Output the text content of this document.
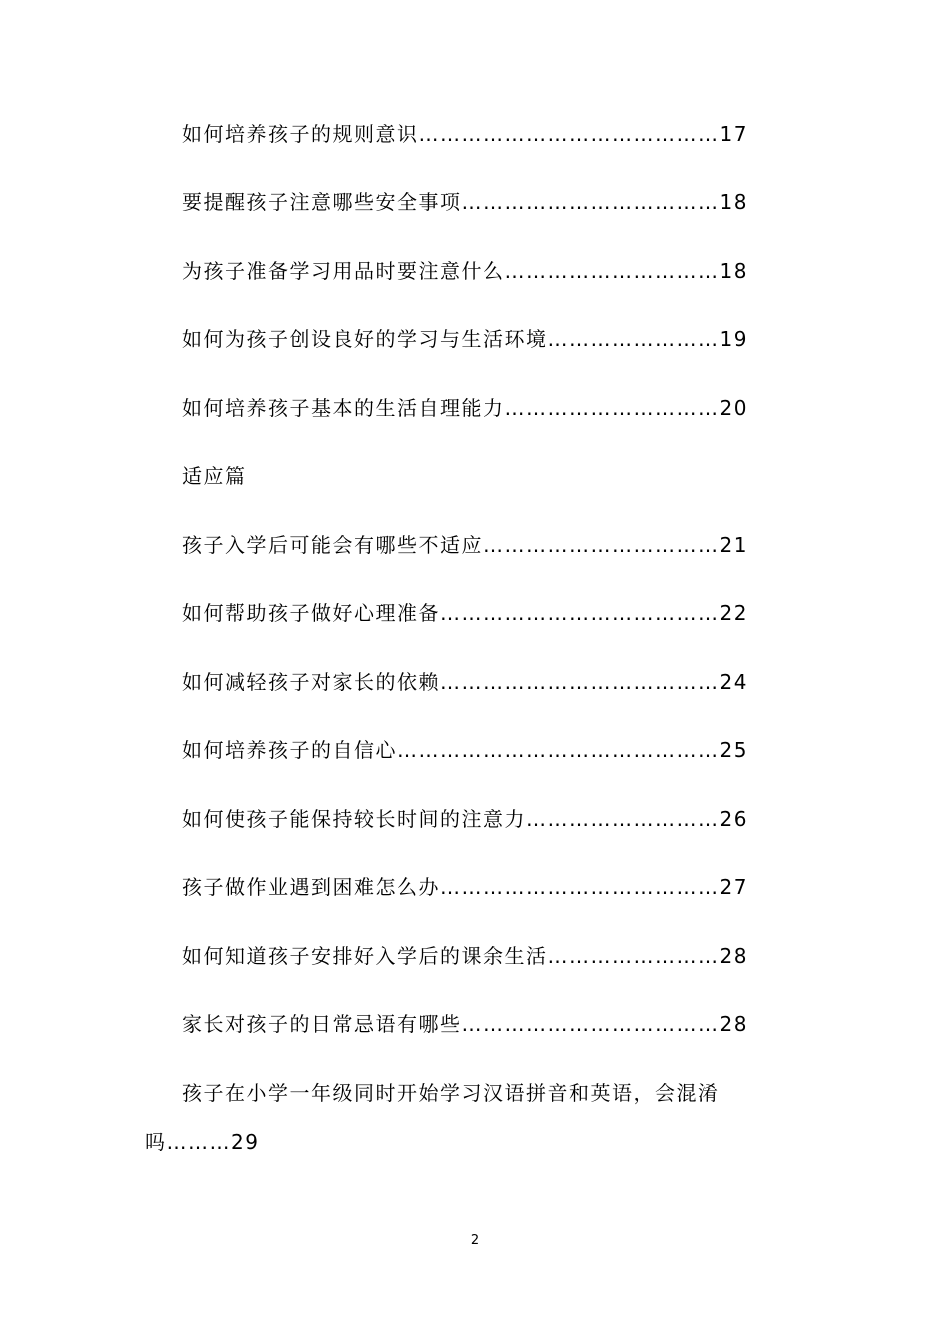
如何培养孩子的规则意识……………………………………17
要提醒孩子注意哪些安全事项………………………………18
为孩子准备学习用品时要注意什么…………………………18
如何为孩子创设良好的学习与生活环境……………………19
如何培养孩子基本的生活自理能力…………………………20
适应篇
孩子入学后可能会有哪些不适应……………………………21
如何帮助孩子做好心理准备…………………………………22
如何减轻孩子对家长的依赖…………………………………24
如何培养孩子的自信心………………………………………25
如何使孩子能保持较长时间的注意力………………………26
孩子做作业遇到困难怎么办…………………………………27
如何知道孩子安排好入学后的课余生活……………………28
家长对孩子的日常忌语有哪些………………………………28
孩子在小学一年级同时开始学习汉语拼音和英语，会混淆
吗………29
2
